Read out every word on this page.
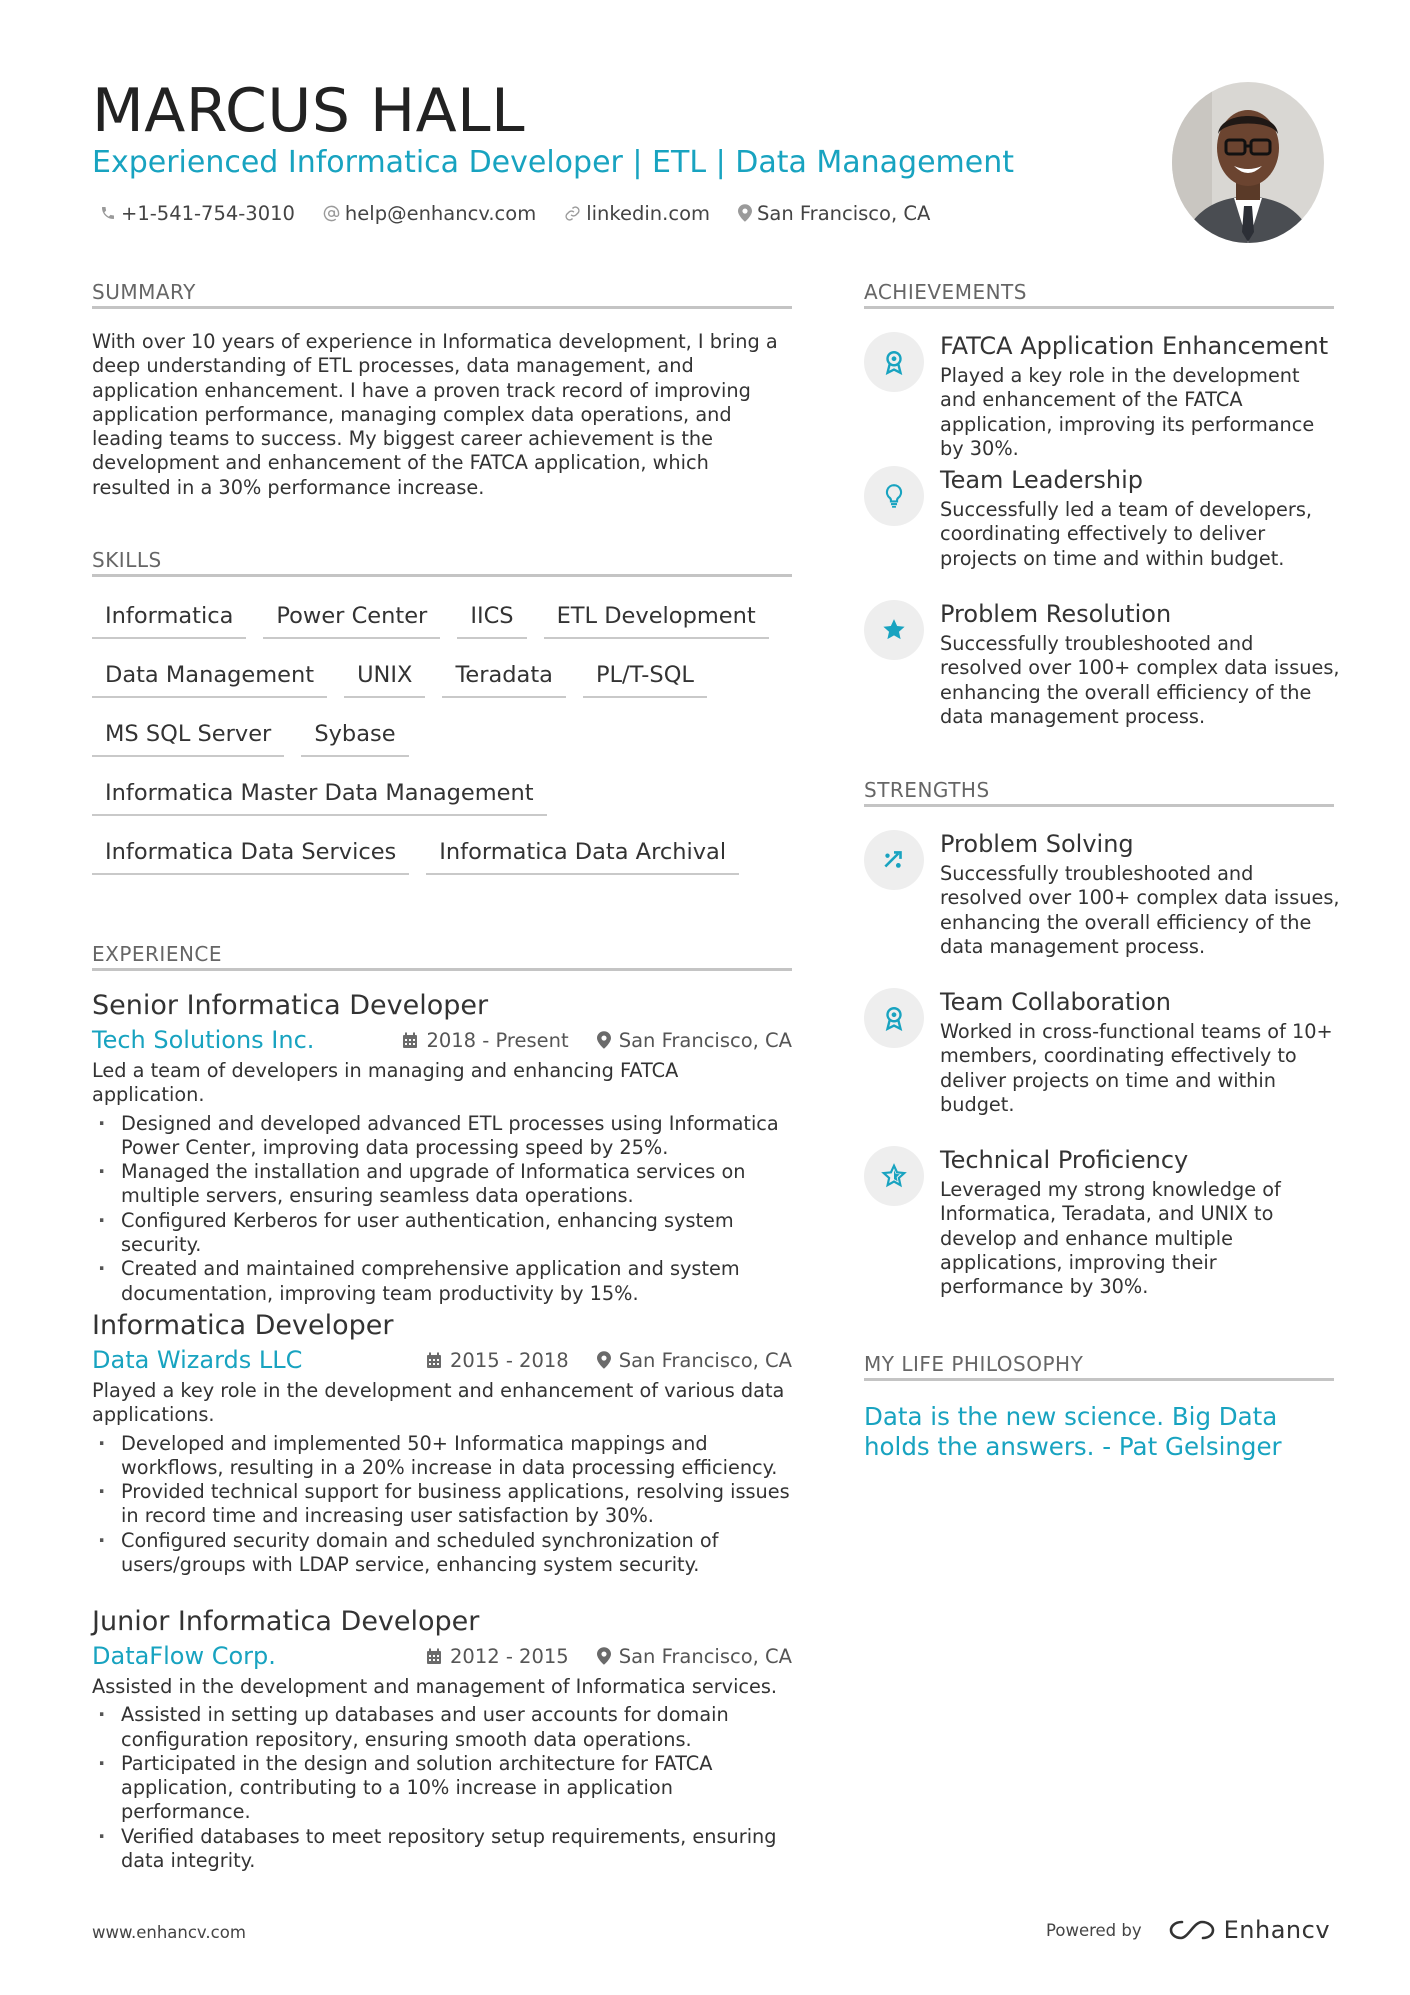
MARCUS HALL
Experienced Informatica Developer | ETL | Data Management
+1-541-754-3010	help@enhancv.com	linkedin.com San Francisco, CA
SUMMARY
With over 10 years of experience in Informatica development, I bring a deep understanding of ETL processes, data management, and application enhancement. I have a proven track record of improving application performance, managing complex data operations, and leading teams to success. My biggest career achievement is the development and enhancement of the FATCA application, which resulted in a 30% performance increase.
SKILLS
Informatica	Power Center	IICS	ETL Development
Data Management	UNIX	Teradata	PL/T-SQL
MS SQL Server	Sybase
Informatica Master Data Management
Informatica Data Services	Informatica Data Archival
EXPERIENCE
Senior Informatica Developer
Tech Solutions Inc.	2018 - Present	San Francisco, CA
Led a team of developers in managing and enhancing FATCA application.
· Designed and developed advanced ETL processes using Informatica Power Center, improving data processing speed by 25%.
· Managed the installation and upgrade of Informatica services on multiple servers, ensuring seamless data operations.
· Configured Kerberos for user authentication, enhancing system security.
· Created and maintained comprehensive application and system documentation, improving team productivity by 15%.
Informatica Developer
Data Wizards LLC	2015 - 2018	San Francisco, CA
Played a key role in the development and enhancement of various data applications.
· Developed and implemented 50+ Informatica mappings and workflows, resulting in a 20% increase in data processing efficiency.
· Provided technical support for business applications, resolving issues in record time and increasing user satisfaction by 30%.
· Configured security domain and scheduled synchronization of users/groups with LDAP service, enhancing system security.
Junior Informatica Developer
DataFlow Corp.	2012 - 2015	San Francisco, CA
Assisted in the development and management of Informatica services.
· Assisted in setting up databases and user accounts for domain configuration repository, ensuring smooth data operations.
· Participated in the design and solution architecture for FATCA application, contributing to a 10% increase in application performance.
· Verified databases to meet repository setup requirements, ensuring data integrity.
ACHIEVEMENTS
FATCA Application Enhancement
Played a key role in the development and enhancement of the FATCA application, improving its performance by 30%.
Team Leadership
Successfully led a team of developers, coordinating effectively to deliver projects on time and within budget.
Problem Resolution
Successfully troubleshooted and resolved over 100+ complex data issues, enhancing the overall efficiency of the data management process.
STRENGTHS
Problem Solving
Successfully troubleshooted and resolved over 100+ complex data issues, enhancing the overall efficiency of the data management process.
Team Collaboration
Worked in cross-functional teams of 10+ members, coordinating effectively to deliver projects on time and within budget.
Technical Proficiency
Leveraged my strong knowledge of Informatica, Teradata, and UNIX to develop and enhance multiple applications, improving their performance by 30%.
MY LIFE PHILOSOPHY
Data is the new science. Big Data holds the answers. - Pat Gelsinger
www.enhancv.com	Powered by	Enhancv
